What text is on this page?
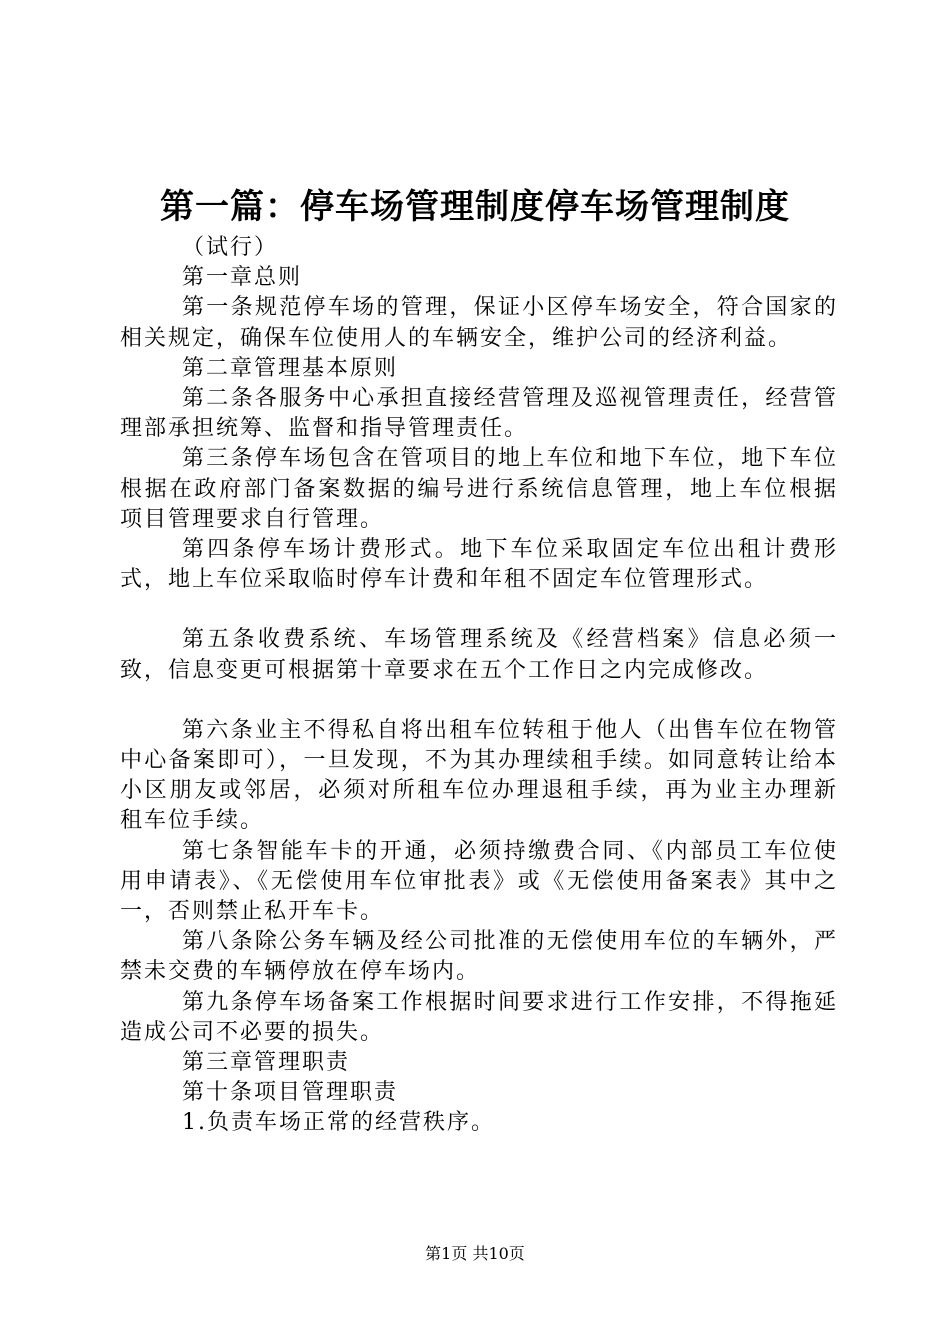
第一篇：停车场管理制度停车场管理制度

（试行）

第一章总则

第一条规范停车场的管理，保证小区停车场安全，符合国家的相关规定，确保车位使用人的车辆安全，维护公司的经济利益。

第二章管理基本原则

第二条各服务中心承担直接经营管理及巡视管理责任，经营管理部承担统筹、监督和指导管理责任。

第三条停车场包含在管项目的地上车位和地下车位，地下车位根据在政府部门备案数据的编号进行系统信息管理，地上车位根据项目管理要求自行管理。

第四条停车场计费形式。地下车位采取固定车位出租计费形式，地上车位采取临时停车计费和年租不固定车位管理形式。

第五条收费系统、车场管理系统及《经营档案》信息必须一致，信息变更可根据第十章要求在五个工作日之内完成修改。

第六条业主不得私自将出租车位转租于他人（出售车位在物管中心备案即可），一旦发现，不为其办理续租手续。如同意转让给本小区朋友或邻居，必须对所租车位办理退租手续，再为业主办理新租车位手续。

第七条智能车卡的开通，必须持缴费合同、《内部员工车位使用申请表》、《无偿使用车位审批表》或《无偿使用备案表》其中之一，否则禁止私开车卡。

第八条除公务车辆及经公司批准的无偿使用车位的车辆外，严禁未交费的车辆停放在停车场内。

第九条停车场备案工作根据时间要求进行工作安排，不得拖延造成公司不必要的损失。

第三章管理职责

第十条项目管理职责

1.负责车场正常的经营秩序。

第1页 共10页
